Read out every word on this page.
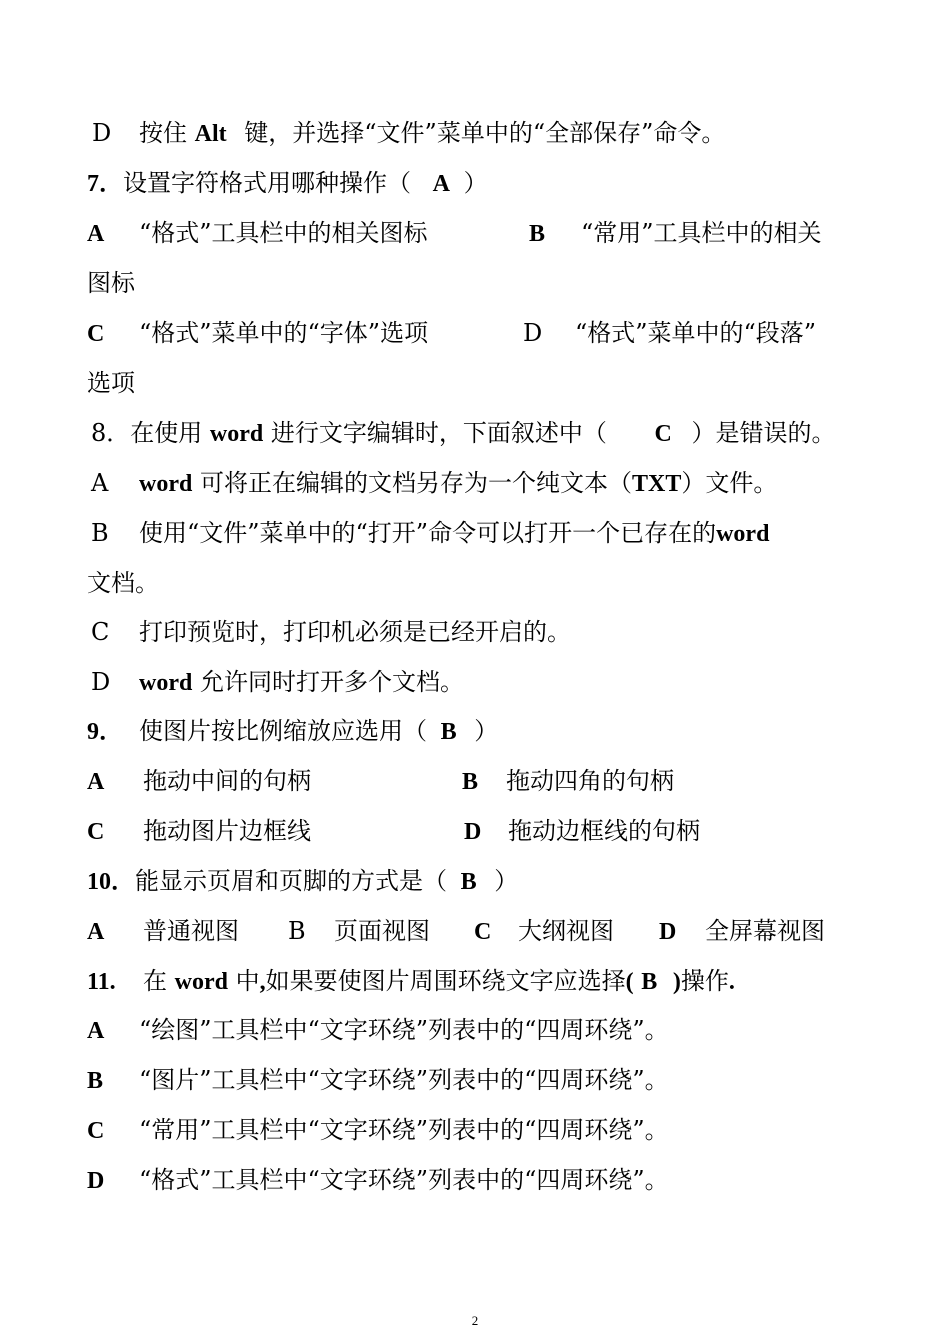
D 按住 Alt 键，并选择“文件”菜单中的“全部保存”命令。
7．设置字符格式用哪种操作（ A ）
A “格式”工具栏中的相关图标	B “常用”工具栏中的相关
图标
C “格式”菜单中的“字体”选项	D “格式”菜单中的“段落”
选项
8．在使用 word 进行文字编辑时，下面叙述中（ C ）是错误的。
A word 可将正在编辑的文档另存为一个纯文本（TXT）文件。
B 使用“文件”菜单中的“打开”命令可以打开一个已存在的word
文档。
C 打印预览时，打印机必须是已经开启的。
D word 允许同时打开多个文档。
9． 使图片按比例缩放应选用（ B ）
A 拖动中间的句柄	B 拖动四角的句柄
C 拖动图片边框线	D 拖动边框线的句柄
10．能显示页眉和页脚的方式是（ B ）
A 普通视图 B 页面视图 C 大纲视图 D 全屏幕视图
11. 在 word 中,如果要使图片周围环绕文字应选择( B )操作.
A “绘图”工具栏中“文字环绕”列表中的“四周环绕”。
B “图片”工具栏中“文字环绕”列表中的“四周环绕”。
C “常用”工具栏中“文字环绕”列表中的“四周环绕”。
D “格式”工具栏中“文字环绕”列表中的“四周环绕”。
2
